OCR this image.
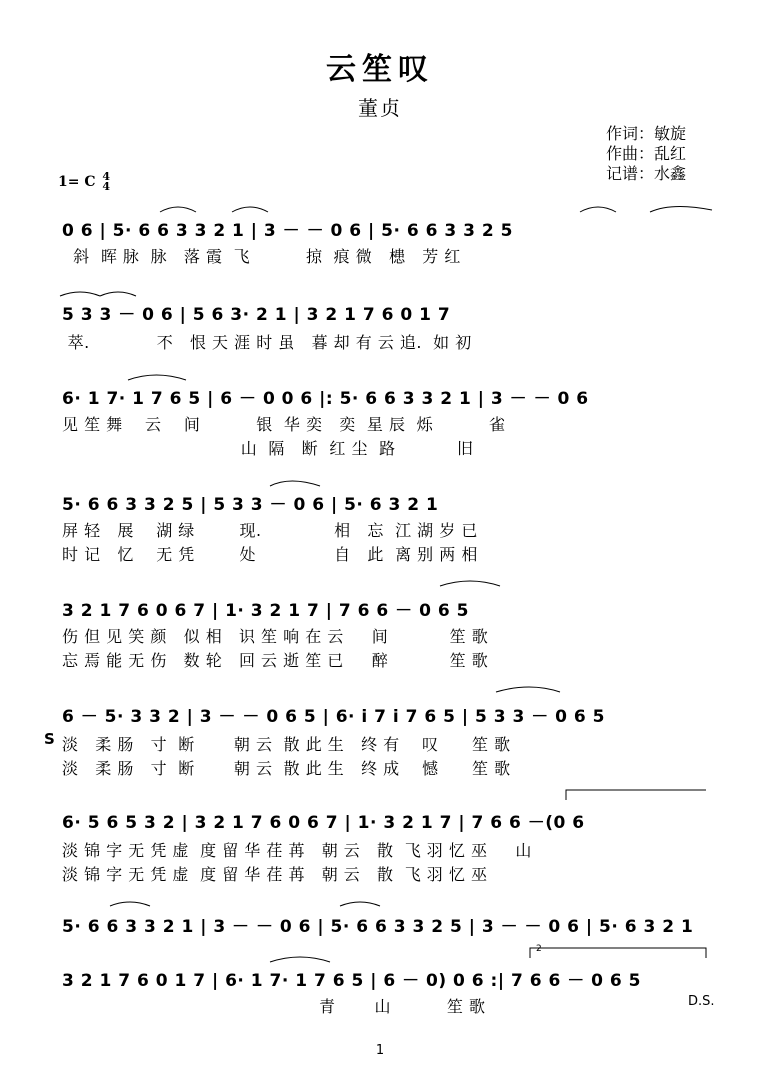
云笙叹
董贞
作词：敏旋
作曲：乱红
记谱：水鑫
1= C 4
4
0 6 | 5· 6 6 3 3 2 1 | 3 － － 0 6 | 5· 6 6 3 3 2 5
斜  晖 脉  脉   落 霞  飞          掠  痕 微   槵   芳 红
5 3 3 － 0 6 | 5 6 3· 2 1 | 3 2 1 7 6 0 1 7
萃.            不   恨 天 涯 时 虽   暮 却 有 云 追.  如 初
6· 1 7· 1 7 6 5 | 6 － 0 0 6 |: 5· 6 6 3 3 2 1 | 3 － － 0 6
见 笙 舞    云    间          银  华 奕   奕  星 辰  烁          雀
山  隔   断  红 尘  路           旧
5· 6 6 3 3 2 5 | 5 3 3 － 0 6 | 5· 6 3 2 1
屏 轻   展    湖 绿        现.             相   忘  江 湖 岁 已
时 记   忆    无 凭        处              自   此  离 别 两 相
3 2 1 7 6 0 6 7 | 1· 3 2 1 7 | 7 6 6 － 0 6 5
伤 但 见 笑 颜   似 相   识 笙 响 在 云     间           笙 歌
忘 焉 能 无 伤   数 轮   回 云 逝 笙 已     醉           笙 歌
6 － 5· 3 3 2 | 3 － － 0 6 5 | 6· i 7 i 7 6 5 | 5 3 3 － 0 6 5
S 淡   柔 肠   寸  断       朝 云  散 此 生   终 有    叹      笙 歌
淡   柔 肠   寸  断       朝 云  散 此 生   终 成    憾      笙 歌
6· 5 6 5 3 2 | 3 2 1 7 6 0 6 7 | 1· 3 2 1 7 | 7 6 6 －(0 6
淡 锦 字 无 凭 虚  度 留 华 荏 苒   朝 云   散  飞 羽 忆 巫     山
淡 锦 字 无 凭 虚  度 留 华 荏 苒   朝 云   散  飞 羽 忆 巫
5· 6 6 3 3 2 1 | 3 － － 0 6 | 5· 6 6 3 3 2 5 | 3 － － 0 6 | 5· 6 3 2 1
3 2 1 7 6 0 1 7 | 6· 1 7· 1 7 6 5 | 6 － 0) 0 6 :| 7 6 6 － 0 6 5
青       山          笙 歌	D.S.
2
1
